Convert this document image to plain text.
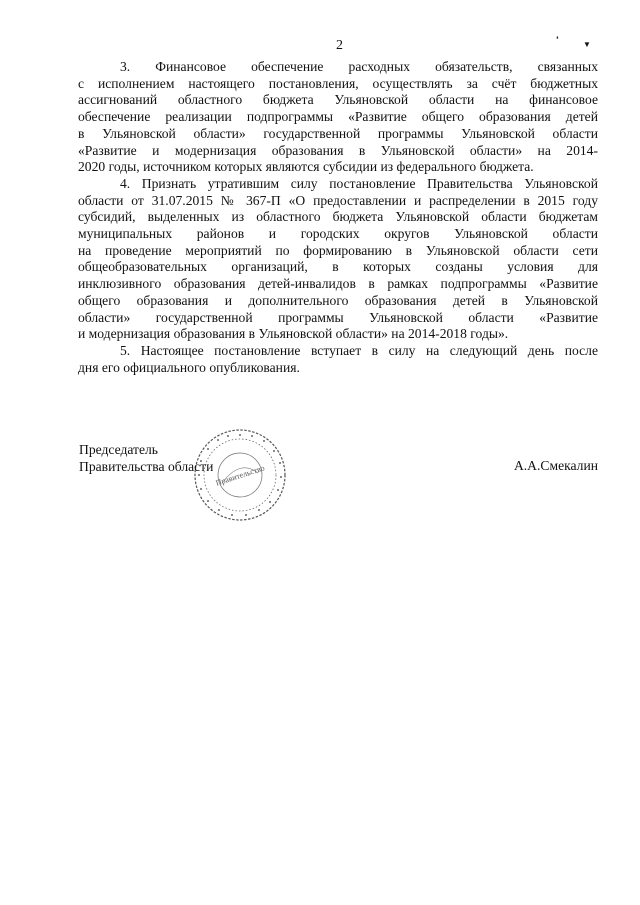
2	❛
▼

3. Финансовое обеспечение расходных обязательств, связанных
с исполнением настоящего постановления, осуществлять за счёт бюджетных
ассигнований областного бюджета Ульяновской области на финансовое
обеспечение реализации подпрограммы «Развитие общего образования детей
в Ульяновской области» государственной программы Ульяновской области
«Развитие и модернизация образования в Ульяновской области» на 2014-
2020 годы, источником которых являются субсидии из федерального бюджета.

4. Признать утратившим силу постановление Правительства Ульяновской
области от 31.07.2015 № 367-П «О предоставлении и распределении в 2015 году
субсидий, выделенных из областного бюджета Ульяновской области бюджетам
муниципальных районов и городских округов Ульяновской области
на проведение мероприятий по формированию в Ульяновской области сети
общеобразовательных организаций, в которых созданы условия для
инклюзивного образования детей-инвалидов в рамках подпрограммы «Развитие
общего образования и дополнительного образования детей в Ульяновской
области» государственной программы Ульяновской области «Развитие
и модернизация образования в Ульяновской области» на 2014-2018 годы».

5. Настоящее постановление вступает в силу на следующий день после
дня его официального опубликования.

Правительство
Председатель
Правительства области	А.А.Смекалин
